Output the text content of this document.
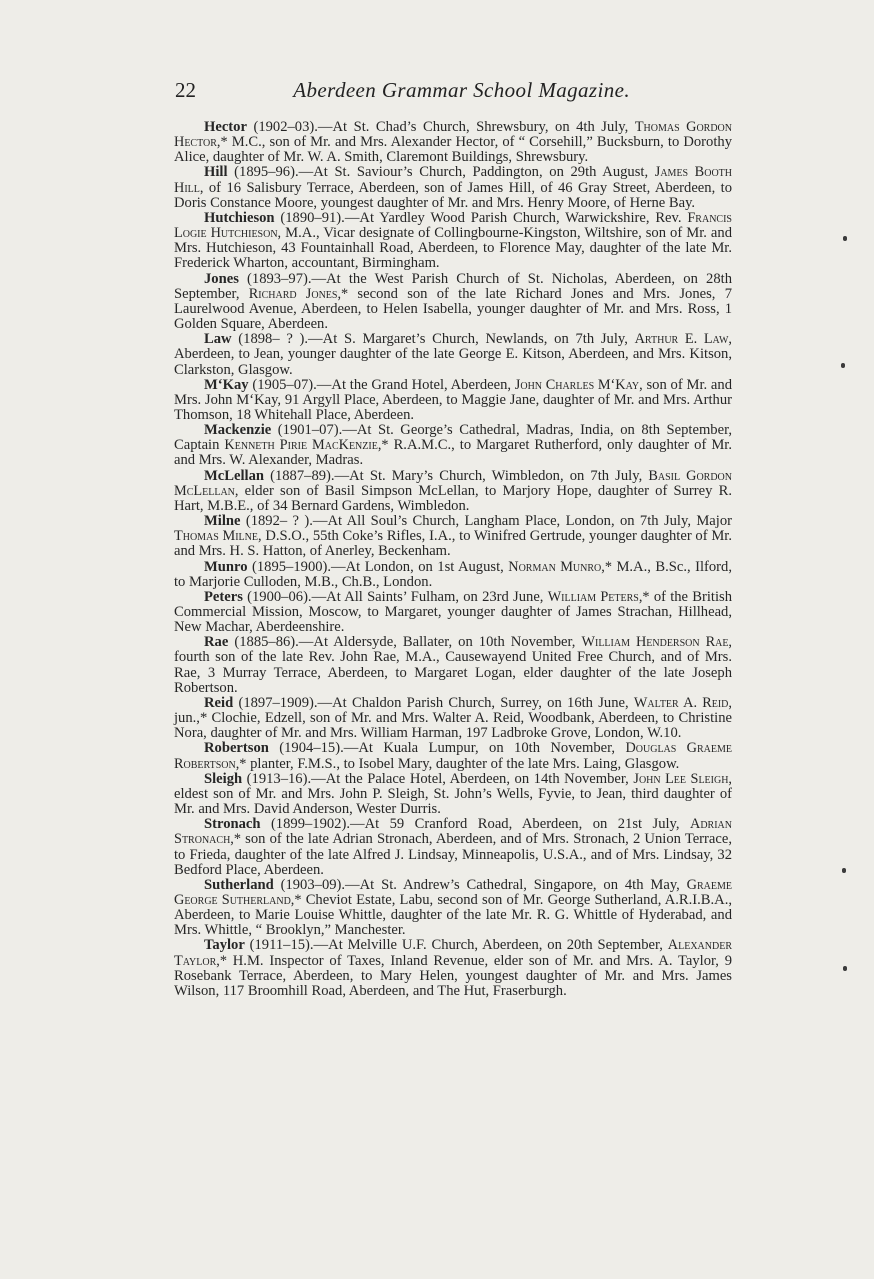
22	Aberdeen Grammar School Magazine.

Hector (1902–03).—At St. Chad’s Church, Shrewsbury, on 4th July, Thomas Gordon Hector,* M.C., son of Mr. and Mrs. Alexander Hector, of “ Corsehill,” Bucksburn, to Dorothy Alice, daughter of Mr. W. A. Smith, Claremont Buildings, Shrewsbury.

Hill (1895–96).—At St. Saviour’s Church, Paddington, on 29th August, James Booth Hill, of 16 Salisbury Terrace, Aberdeen, son of James Hill, of 46 Gray Street, Aberdeen, to Doris Constance Moore, youngest daughter of Mr. and Mrs. Henry Moore, of Herne Bay.

Hutchieson (1890–91).—At Yardley Wood Parish Church, Warwickshire, Rev. Francis Logie Hutchieson, M.A., Vicar designate of Collingbourne-Kingston, Wiltshire, son of Mr. and Mrs. Hutchieson, 43 Fountainhall Road, Aberdeen, to Florence May, daughter of the late Mr. Frederick Wharton, accountant, Birmingham.

Jones (1893–97).—At the West Parish Church of St. Nicholas, Aberdeen, on 28th September, Richard Jones,* second son of the late Richard Jones and Mrs. Jones, 7 Laurelwood Avenue, Aberdeen, to Helen Isabella, younger daughter of Mr. and Mrs. Ross, 1 Golden Square, Aberdeen.

Law (1898– ? ).—At S. Margaret’s Church, Newlands, on 7th July, Arthur E. Law, Aberdeen, to Jean, younger daughter of the late George E. Kitson, Aberdeen, and Mrs. Kitson, Clarkston, Glasgow.

M‘Kay (1905–07).—At the Grand Hotel, Aberdeen, John Charles M‘Kay, son of Mr. and Mrs. John M‘Kay, 91 Argyll Place, Aberdeen, to Maggie Jane, daughter of Mr. and Mrs. Arthur Thomson, 18 Whitehall Place, Aberdeen.

Mackenzie (1901–07).—At St. George’s Cathedral, Madras, India, on 8th September, Captain Kenneth Pirie MacKenzie,* R.A.M.C., to Margaret Rutherford, only daughter of Mr. and Mrs. W. Alexander, Madras.

McLellan (1887–89).—At St. Mary’s Church, Wimbledon, on 7th July, Basil Gordon McLellan, elder son of Basil Simpson McLellan, to Marjory Hope, daughter of Surrey R. Hart, M.B.E., of 34 Bernard Gardens, Wimbledon.

Milne (1892– ? ).—At All Soul’s Church, Langham Place, London, on 7th July, Major Thomas Milne, D.S.O., 55th Coke’s Rifles, I.A., to Winifred Gertrude, younger daughter of Mr. and Mrs. H. S. Hatton, of Anerley, Beckenham.

Munro (1895–1900).—At London, on 1st August, Norman Munro,* M.A., B.Sc., Ilford, to Marjorie Culloden, M.B., Ch.B., London.

Peters (1900–06).—At All Saints’ Fulham, on 23rd June, William Peters,* of the British Commercial Mission, Moscow, to Margaret, younger daughter of James Strachan, Hillhead, New Machar, Aberdeenshire.

Rae (1885–86).—At Aldersyde, Ballater, on 10th November, William Henderson Rae, fourth son of the late Rev. John Rae, M.A., Causewayend United Free Church, and of Mrs. Rae, 3 Murray Terrace, Aberdeen, to Margaret Logan, elder daughter of the late Joseph Robertson.

Reid (1897–1909).—At Chaldon Parish Church, Surrey, on 16th June, Walter A. Reid, jun.,* Clochie, Edzell, son of Mr. and Mrs. Walter A. Reid, Woodbank, Aberdeen, to Christine Nora, daughter of Mr. and Mrs. William Harman, 197 Ladbroke Grove, London, W.10.

Robertson (1904–15).—At Kuala Lumpur, on 10th November, Douglas Graeme Robertson,* planter, F.M.S., to Isobel Mary, daughter of the late Mrs. Laing, Glasgow.

Sleigh (1913–16).—At the Palace Hotel, Aberdeen, on 14th November, John Lee Sleigh, eldest son of Mr. and Mrs. John P. Sleigh, St. John’s Wells, Fyvie, to Jean, third daughter of Mr. and Mrs. David Anderson, Wester Durris.

Stronach (1899–1902).—At 59 Cranford Road, Aberdeen, on 21st July, Adrian Stronach,* son of the late Adrian Stronach, Aberdeen, and of Mrs. Stronach, 2 Union Terrace, to Frieda, daughter of the late Alfred J. Lindsay, Minneapolis, U.S.A., and of Mrs. Lindsay, 32 Bedford Place, Aberdeen.

Sutherland (1903–09).—At St. Andrew’s Cathedral, Singapore, on 4th May, Graeme George Sutherland,* Cheviot Estate, Labu, second son of Mr. George Sutherland, A.R.I.B.A., Aberdeen, to Marie Louise Whittle, daughter of the late Mr. R. G. Whittle of Hyderabad, and Mrs. Whittle, “ Brooklyn,” Manchester.

Taylor (1911–15).—At Melville U.F. Church, Aberdeen, on 20th September, Alexander Taylor,* H.M. Inspector of Taxes, Inland Revenue, elder son of Mr. and Mrs. A. Taylor, 9 Rosebank Terrace, Aberdeen, to Mary Helen, youngest daughter of Mr. and Mrs. James Wilson, 117 Broomhill Road, Aberdeen, and The Hut, Fraserburgh.
